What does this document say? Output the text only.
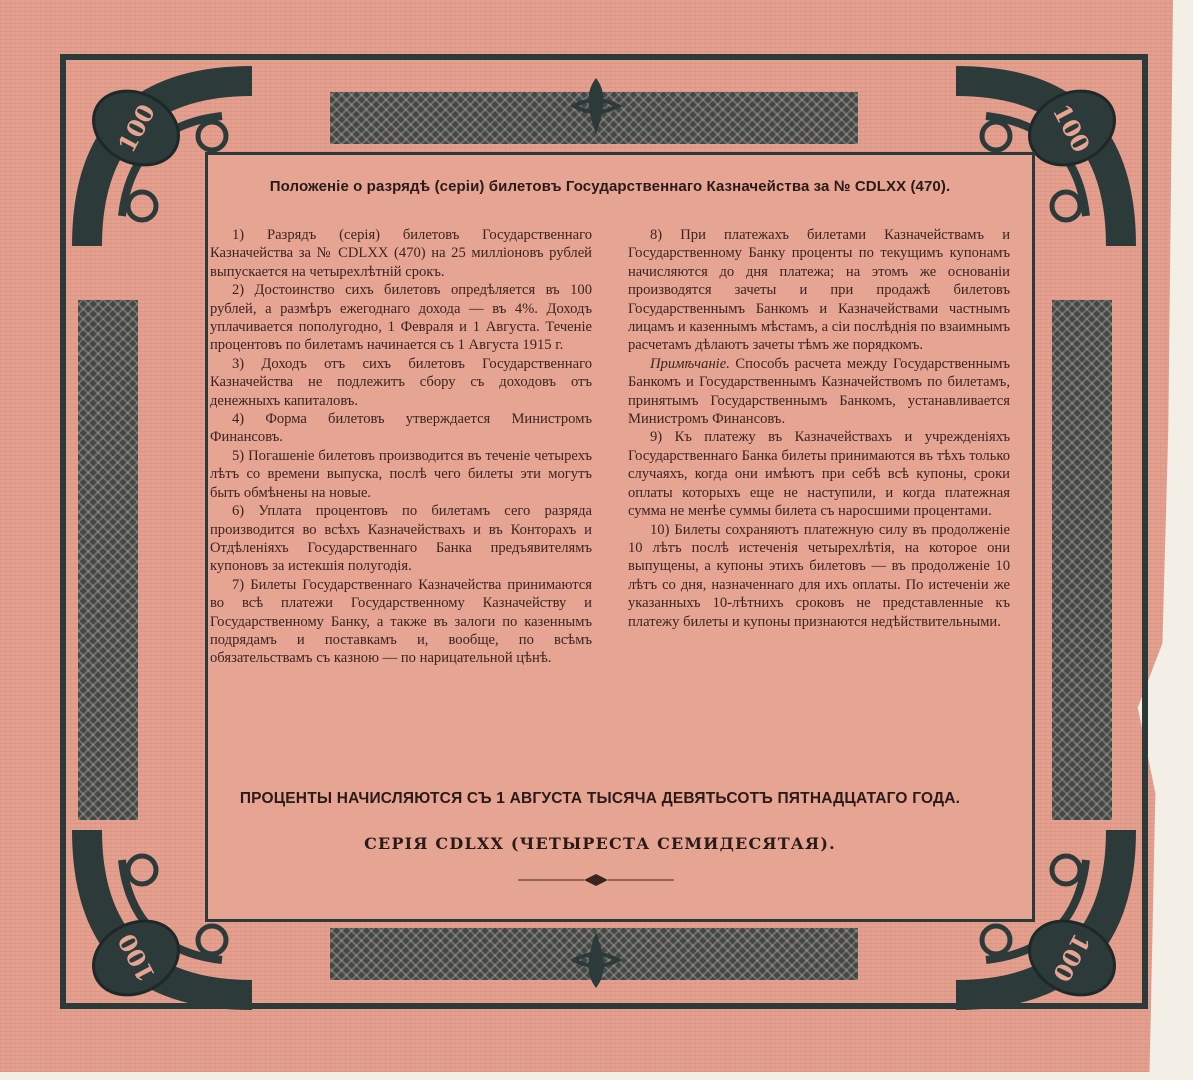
100	100
100	100
Положеніе о разрядѣ (серіи) билетовъ Государственнаго Казначейства за № CDLXX (470).

1) Разрядъ (серія) билетовъ Государственнаго Казначейства за № CDLXX (470) на 25 милліоновъ рублей выпускается на четырехлѣтній срокъ.

2) Достоинство сихъ билетовъ опредѣляется въ 100 рублей, а размѣръ ежегоднаго дохода — въ 4%. Доходъ уплачивается пополугодно, 1 Февраля и 1 Августа. Теченіе процентовъ по билетамъ начинается съ 1 Августа 1915 г.

3) Доходъ отъ сихъ билетовъ Государственнаго Казначейства не подлежитъ сбору съ доходовъ отъ денежныхъ капиталовъ.

4) Форма билетовъ утверждается Министромъ Финансовъ.

5) Погашеніе билетовъ производится въ теченіе четырехъ лѣтъ со времени выпуска, послѣ чего билеты эти могутъ быть обмѣнены на новые.

6) Уплата процентовъ по билетамъ сего разряда производится во всѣхъ Казначействахъ и въ Конторахъ и Отдѣленіяхъ Государственнаго Банка предъявителямъ купоновъ за истекшія полугодія.

7) Билеты Государственнаго Казначейства принимаются во всѣ платежи Государственному Казначейству и Государственному Банку, а также въ залоги по казеннымъ подрядамъ и поставкамъ и, вообще, по всѣмъ обязательствамъ съ казною — по нарицательной цѣнѣ.

8) При платежахъ билетами Казначействамъ и Государственному Банку проценты по текущимъ купонамъ начисляются до дня платежа; на этомъ же основаніи производятся зачеты и при продажѣ билетовъ Государственнымъ Банкомъ и Казначействами частнымъ лицамъ и казеннымъ мѣстамъ, а сіи послѣднія по взаимнымъ расчетамъ дѣлаютъ зачеты тѣмъ же порядкомъ.

Примѣчаніе. Способъ расчета между Государственнымъ Банкомъ и Государственнымъ Казначействомъ по билетамъ, принятымъ Государственнымъ Банкомъ, устанавливается Министромъ Финансовъ.

9) Къ платежу въ Казначействахъ и учрежденіяхъ Государственнаго Банка билеты принимаются въ тѣхъ только случаяхъ, когда они имѣютъ при себѣ всѣ купоны, сроки оплаты которыхъ еще не наступили, и когда платежная сумма не менѣе суммы билета съ наросшими процентами.

10) Билеты сохраняютъ платежную силу въ продолженіе 10 лѣтъ послѣ истеченія четырехлѣтія, на которое они выпущены, а купоны этихъ билетовъ — въ продолженіе 10 лѣтъ со дня, назначеннаго для ихъ оплаты. По истеченіи же указанныхъ 10-лѣтнихъ сроковъ не представленные къ платежу билеты и купоны признаются недѣйствительными.

ПРОЦЕНТЫ НАЧИСЛЯЮТСЯ СЪ 1 АВГУСТА ТЫСЯЧА ДЕВЯТЬСОТЪ ПЯТНАДЦАТАГО ГОДА.
СЕРІЯ CDLXX (ЧЕТЫРЕСТА СЕМИДЕСЯТАЯ).
